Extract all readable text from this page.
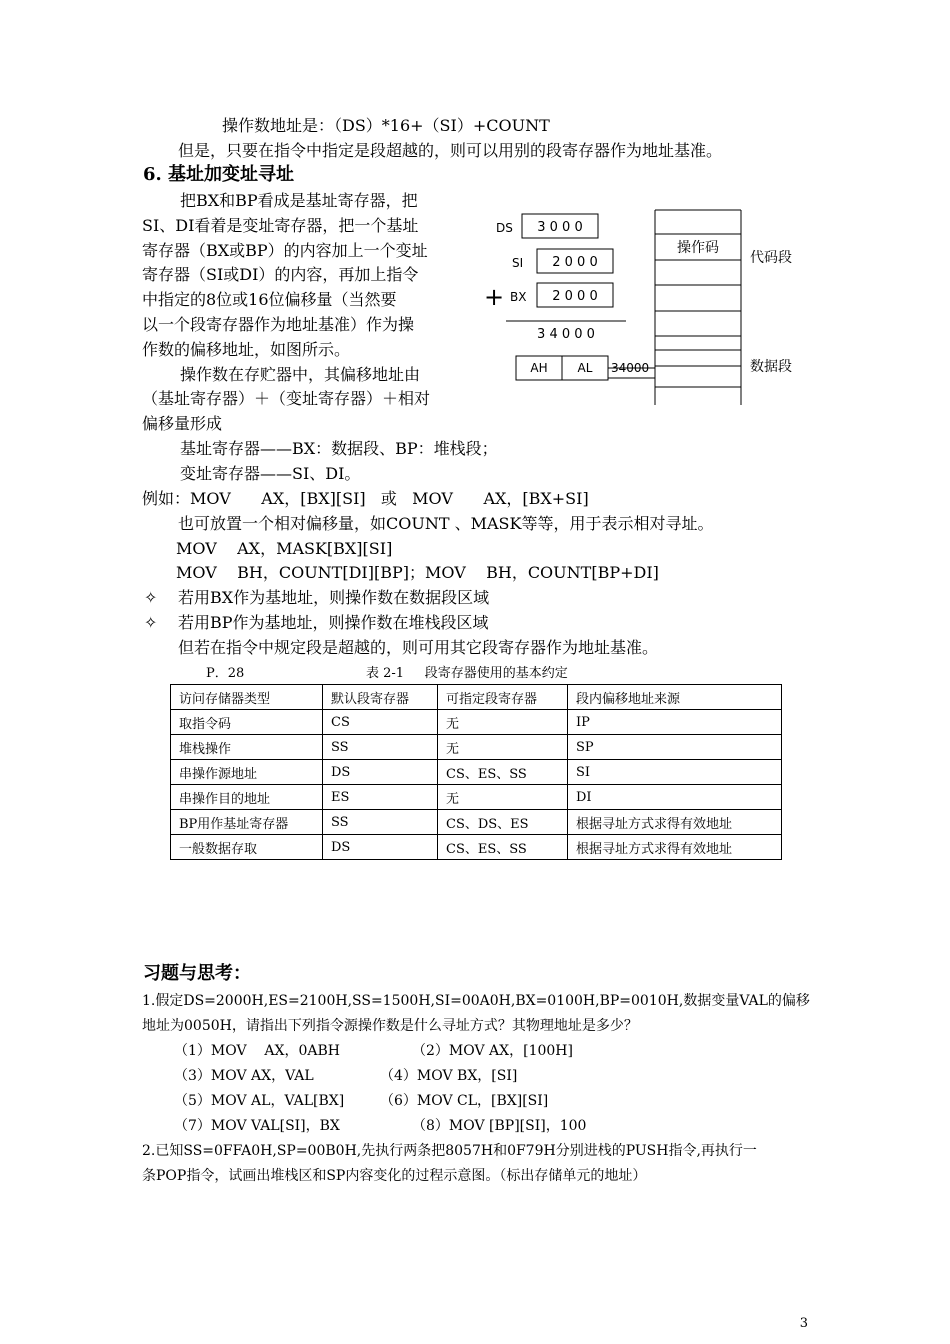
操作数地址是：（DS）*16+（SI）+COUNT
但是，只要在指令中指定是段超越的，则可以用别的段寄存器作为地址基准。
6. 基址加变址寻址
把BX和BP看成是基址寄存器，把
SI、DI看着是变址寄存器，把一个基址
寄存器（BX或BP）的内容加上一个变址
寄存器（SI或DI）的内容，再加上指令
中指定的8位或16位偏移量（当然要
以一个段寄存器作为地址基准）作为操
作数的偏移地址，如图所示。
操作数在存贮器中，其偏移地址由
（基址寄存器）＋（变址寄存器）＋相对
偏移量形成
DS 3 0 0 0
SI 2 0 0 0
+ BX 2 0 0 0
3 4 0 0 0
AH AL 34000
操作码
代码段
数据段
基址寄存器——BX：数据段、BP：堆栈段；
变址寄存器——SI、DI。
例如：MOV      AX，[BX][SI]   或   MOV      AX，[BX+SI]
也可放置一个相对偏移量，如COUNT 、MASK等等，用于表示相对寻址。
MOV    AX，MASK[BX][SI]
MOV    BH，COUNT[DI][BP]；MOV    BH，COUNT[BP+DI]
✧ 若用BX作为基地址，则操作数在数据段区域
✧ 若用BP作为基地址，则操作数在堆栈段区域
但若在指令中规定段是超越的，则可用其它段寄存器作为地址基准。
P．28	表 2-1     段寄存器使用的基本约定
访问存储器类型	默认段寄存器	可指定段寄存器	段内偏移地址来源
取指令码	CS	无	IP
堆栈操作	SS	无	SP
串操作源地址	DS	CS、ES、SS	SI
串操作目的地址	ES	无	DI
BP用作基址寄存器	SS	CS、DS、ES	根据寻址方式求得有效地址
一般数据存取	DS	CS、ES、SS	根据寻址方式求得有效地址
习题与思考：
1.假定DS=2000H,ES=2100H,SS=1500H,SI=00A0H,BX=0100H,BP=0010H,数据变量VAL的偏移
地址为0050H，请指出下列指令源操作数是什么寻址方式？其物理地址是多少？
（1）MOV    AX，0ABH	（2）MOV AX，[100H]
（3）MOV AX，VAL	（4）MOV BX，[SI]
（5）MOV AL，VAL[BX]	（6）MOV CL，[BX][SI]
（7）MOV VAL[SI]，BX	（8）MOV [BP][SI]，100
2.已知SS=0FFA0H,SP=00B0H,先执行两条把8057H和0F79H分别进栈的PUSH指令,再执行一
条POP指令，试画出堆栈区和SP内容变化的过程示意图。（标出存储单元的地址）
3
